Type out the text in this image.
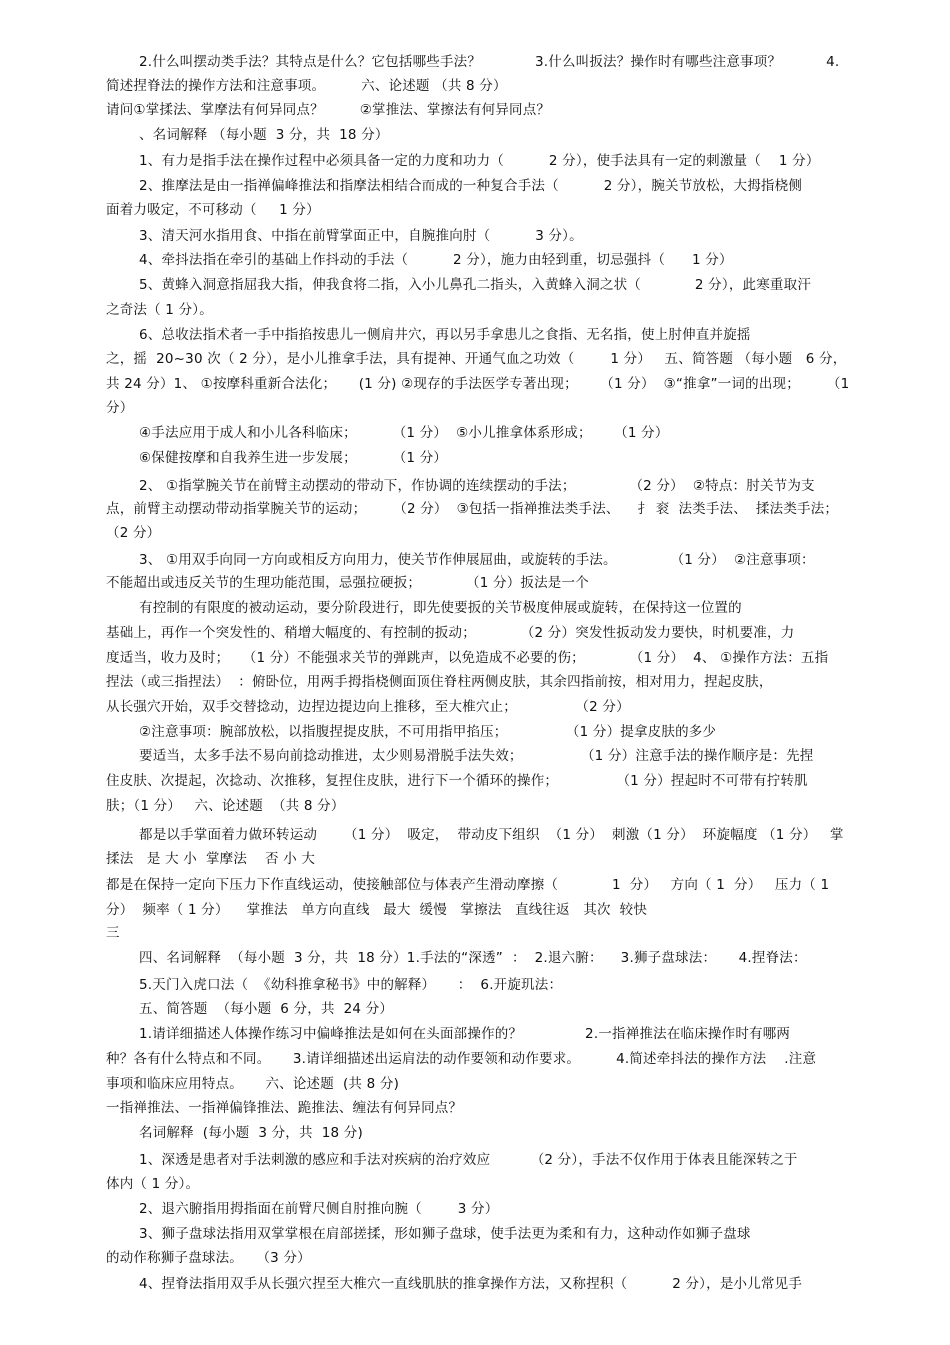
2.什么叫摆动类手法？其特点是什么？它包括哪些手法？            3.什么叫扳法？操作时有哪些注意事项？          4.
简述捏脊法的操作方法和注意事项。        六、论述题 （共 8 分）
请问①掌揉法、掌摩法有何异同点？        ②掌推法、掌擦法有何异同点？
、名词解释 （每小题  3 分，共  18 分）
1、有力是指手法在操作过程中必须具备一定的力度和功力（          2 分），使手法具有一定的刺激量（    1 分）
2、推摩法是由一指禅偏峰推法和指摩法相结合而成的一种复合手法（          2 分），腕关节放松，大拇指桡侧
面着力吸定，不可移动（     1 分）
3、清天河水指用食、中指在前臂掌面正中，自腕推向肘（          3 分）。
4、牵抖法指在牵引的基础上作抖动的手法（          2 分），施力由轻到重，切忌强抖（      1 分）
5、黄蜂入洞意指屈我大指，伸我食将二指，入小儿鼻孔二指头，入黄蜂入洞之状（            2 分），此寒重取汗
之奇法（ 1 分）。
6、总收法指术者一手中指掐按患儿一侧肩井穴，再以另手拿患儿之食指、无名指，使上肘伸直并旋摇
之，摇  20~30 次（ 2 分），是小儿推拿手法，具有提神、开通气血之功效（        1 分）   五、简答题 （每小题   6 分，
共 24 分）1、 ①按摩科重新合法化；     (1 分) ②现存的手法医学专著出现；     （1 分）  ③“推拿”一词的出现；      （1
分）
④手法应用于成人和小儿各科临床；        （1 分）  ⑤小儿推拿体系形成；     （1 分）
⑥保健按摩和自我养生进一步发展；        （1 分）
2、 ①指掌腕关节在前臂主动摆动的带动下，作协调的连续摆动的手法；            （2 分）  ②特点：肘关节为支
点，前臂主动摆动带动指掌腕关节的运动；      （2 分）  ③包括一指禅推法类手法、    扌 衮  法类手法、  揉法类手法；
（2 分）
3、 ①用双手向同一方向或相反方向用力，使关节作伸展屈曲，或旋转的手法。            （1 分）  ②注意事项：
不能超出或违反关节的生理功能范围，忌强拉硬扳；          （1 分）扳法是一个
有控制的有限度的被动运动，要分阶段进行，即先使要扳的关节极度伸展或旋转，在保持这一位置的
基础上，再作一个突发性的、稍增大幅度的、有控制的扳动；          （2 分）突发性扳动发力要快，时机要准，力
度适当，收力及时；   （1 分）不能强求关节的弹跳声，以免造成不必要的伤；          （1 分）  4、 ①操作方法：五指
捏法（或三指捏法）  ：俯卧位，用两手拇指桡侧面顶住脊柱两侧皮肤，其余四指前按，相对用力，捏起皮肤，
从长强穴开始，双手交替捻动，边捏边提边向上推移，至大椎穴止；             （2 分）
②注意事项：腕部放松，以指腹捏提皮肤，不可用指甲掐压；             （1 分）提拿皮肤的多少
要适当，太多手法不易向前捻动推进，太少则易滑脱手法失效；             （1 分）注意手法的操作顺序是：先捏
住皮肤、次提起，次捻动、次推移，复捏住皮肤，进行下一个循环的操作；             （1 分）捏起时不可带有拧转肌
肤；（1 分）   六、论述题  （共 8 分）
都是以手掌面着力做环转运动      （1 分）  吸定，  带动皮下组织  （1 分）  刺激（1 分）  环旋幅度 （1 分）   掌
揉法   是 大 小  掌摩法    否 小 大
都是在保持一定向下压力下作直线运动，使接触部位与体表产生滑动摩擦（            1  分）   方向（ 1  分）   压力（ 1
分）  频率（ 1 分）    掌推法   单方向直线   最大  缓慢   掌擦法   直线往返   其次  较快
三
四、名词解释  （每小题  3 分，共  18 分）1.手法的“深透”  ：  2.退六腑：    3.狮子盘球法：     4.捏脊法：
5.天门入虎口法（  《幼科推拿秘书》中的解释）     ：  6.开旋玑法：
五、简答题  （每小题  6 分，共  24 分）
1.请详细描述人体操作练习中偏峰推法是如何在头面部操作的？              2.一指禅推法在临床操作时有哪两
种？各有什么特点和不同。     3.请详细描述出运肩法的动作要领和动作要求。        4.简述牵抖法的操作方法    .注意
事项和临床应用特点。     六、论述题  (共 8 分)
一指禅推法、一指禅偏锋推法、跪推法、缠法有何异同点？
名词解释  (每小题  3 分，共  18 分)
1、深透是患者对手法刺激的感应和手法对疾病的治疗效应         （2 分），手法不仅作用于体表且能深转之于
体内（ 1 分）。
2、退六腑指用拇指面在前臂尺侧自肘推向腕（        3 分）
3、狮子盘球法指用双掌掌根在肩部搓揉，形如狮子盘球，使手法更为柔和有力，这种动作如狮子盘球
的动作称狮子盘球法。   （3 分）
4、捏脊法指用双手从长强穴捏至大椎穴一直线肌肤的推拿操作方法，又称捏积（          2 分），是小儿常见手
